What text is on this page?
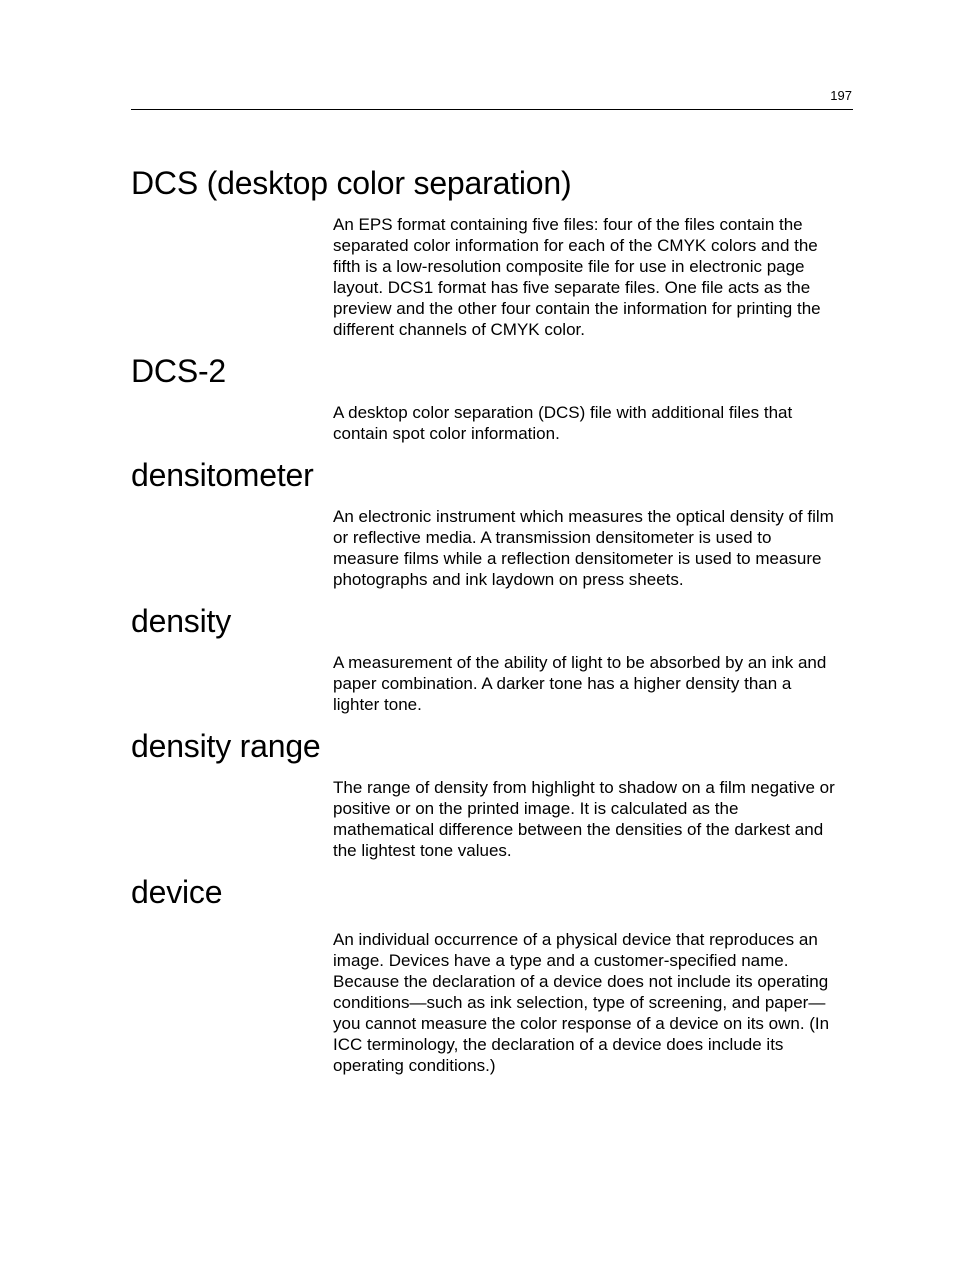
197
DCS (desktop color separation)

An EPS format containing five files: four of the files contain the
separated color information for each of the CMYK colors and the
fifth is a low-resolution composite file for use in electronic page
layout. DCS1 format has five separate files. One file acts as the
preview and the other four contain the information for printing the
different channels of CMYK color.

DCS-2

A desktop color separation (DCS) file with additional files that
contain spot color information.

densitometer

An electronic instrument which measures the optical density of film
or reflective media. A transmission densitometer is used to
measure films while a reflection densitometer is used to measure
photographs and ink laydown on press sheets.

density

A measurement of the ability of light to be absorbed by an ink and
paper combination. A darker tone has a higher density than a
lighter tone.

density range

The range of density from highlight to shadow on a film negative or
positive or on the printed image. It is calculated as the
mathematical difference between the densities of the darkest and
the lightest tone values.

device

An individual occurrence of a physical device that reproduces an
image. Devices have a type and a customer-specified name.
Because the declaration of a device does not include its operating
conditions—such as ink selection, type of screening, and paper—
you cannot measure the color response of a device on its own. (In
ICC terminology, the declaration of a device does include its
operating conditions.)
